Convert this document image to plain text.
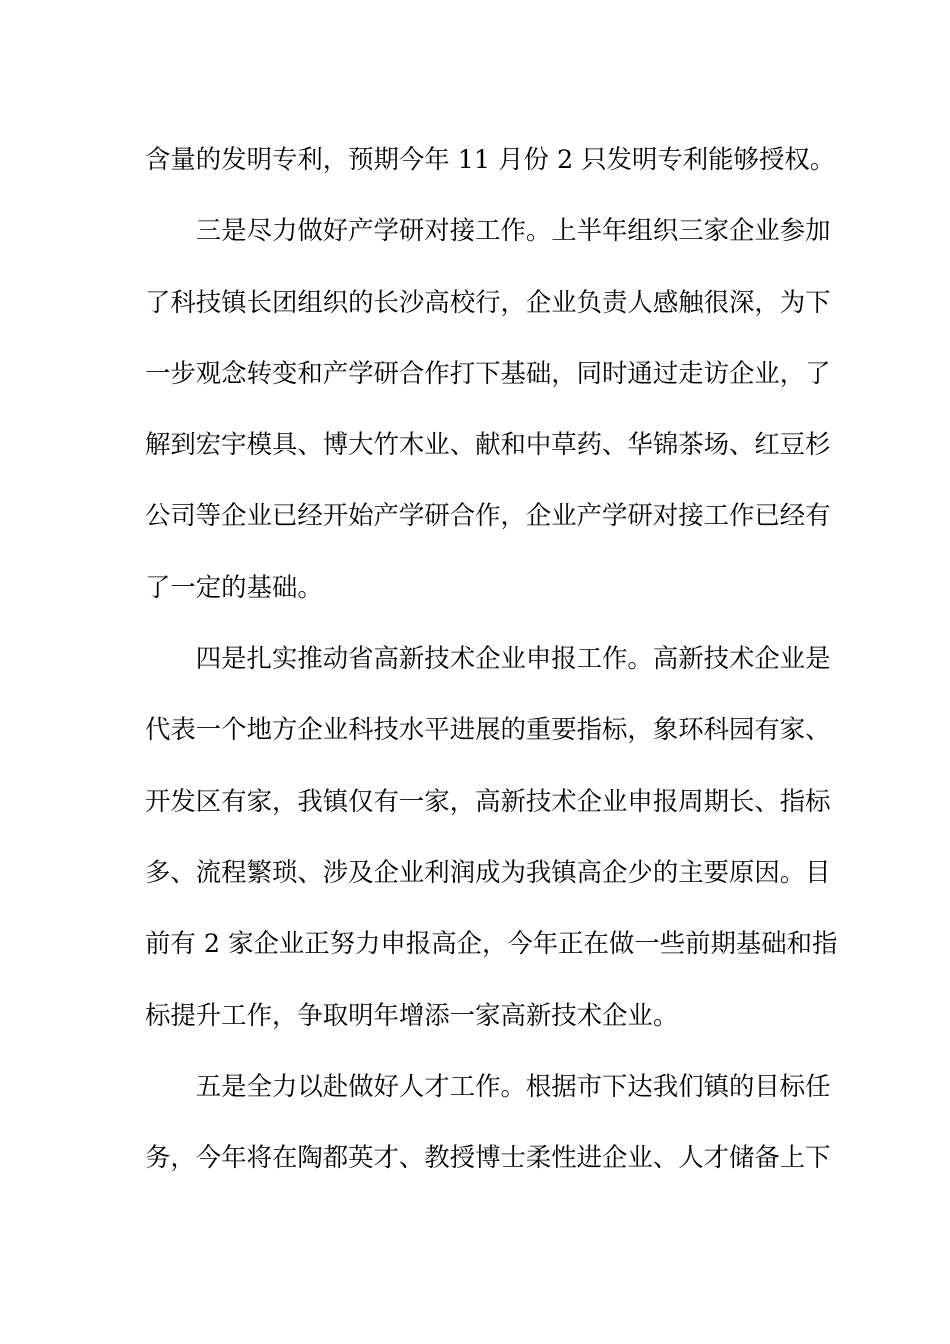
含量的发明专利，预期今年 11 月份 2 只发明专利能够授权。
　　三是尽力做好产学研对接工作。上半年组织三家企业参加
了科技镇长团组织的长沙高校行，企业负责人感触很深，为下
一步观念转变和产学研合作打下基础，同时通过走访企业，了
解到宏宇模具、博大竹木业、献和中草药、华锦茶场、红豆杉
公司等企业已经开始产学研合作，企业产学研对接工作已经有
了一定的基础。
　　四是扎实推动省高新技术企业申报工作。高新技术企业是
代表一个地方企业科技水平进展的重要指标，象环科园有家、
开发区有家，我镇仅有一家，高新技术企业申报周期长、指标
多、流程繁琐、涉及企业利润成为我镇高企少的主要原因。目
前有 2 家企业正努力申报高企，今年正在做一些前期基础和指
标提升工作，争取明年增添一家高新技术企业。
　　五是全力以赴做好人才工作。根据市下达我们镇的目标任
务，今年将在陶都英才、教授博士柔性进企业、人才储备上下
